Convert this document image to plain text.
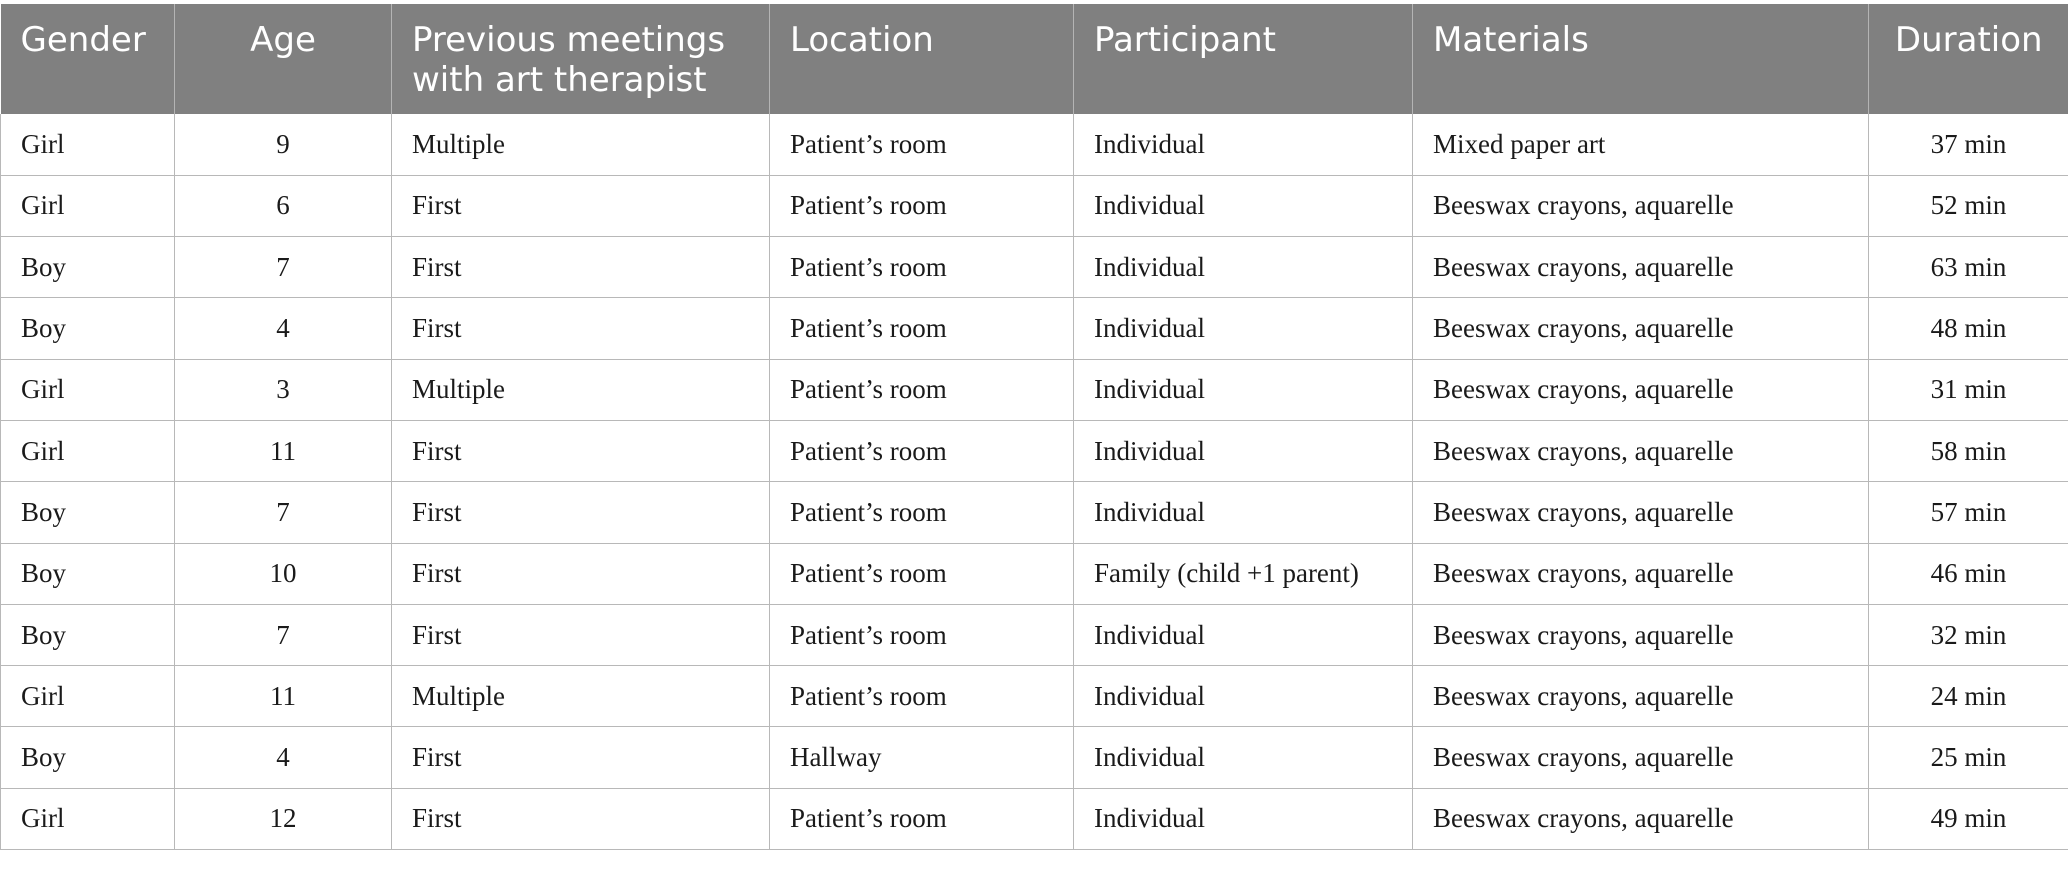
Gender	Age	Previous meetings with art therapist	Location	Participant	Materials	Duration
Girl	9	Multiple	Patient’s room	Individual	Mixed paper art	37 min
Girl	6	First	Patient’s room	Individual	Beeswax crayons, aquarelle	52 min
Boy	7	First	Patient’s room	Individual	Beeswax crayons, aquarelle	63 min
Boy	4	First	Patient’s room	Individual	Beeswax crayons, aquarelle	48 min
Girl	3	Multiple	Patient’s room	Individual	Beeswax crayons, aquarelle	31 min
Girl	11	First	Patient’s room	Individual	Beeswax crayons, aquarelle	58 min
Boy	7	First	Patient’s room	Individual	Beeswax crayons, aquarelle	57 min
Boy	10	First	Patient’s room	Family (child +1 parent)	Beeswax crayons, aquarelle	46 min
Boy	7	First	Patient’s room	Individual	Beeswax crayons, aquarelle	32 min
Girl	11	Multiple	Patient’s room	Individual	Beeswax crayons, aquarelle	24 min
Boy	4	First	Hallway	Individual	Beeswax crayons, aquarelle	25 min
Girl	12	First	Patient’s room	Individual	Beeswax crayons, aquarelle	49 min
